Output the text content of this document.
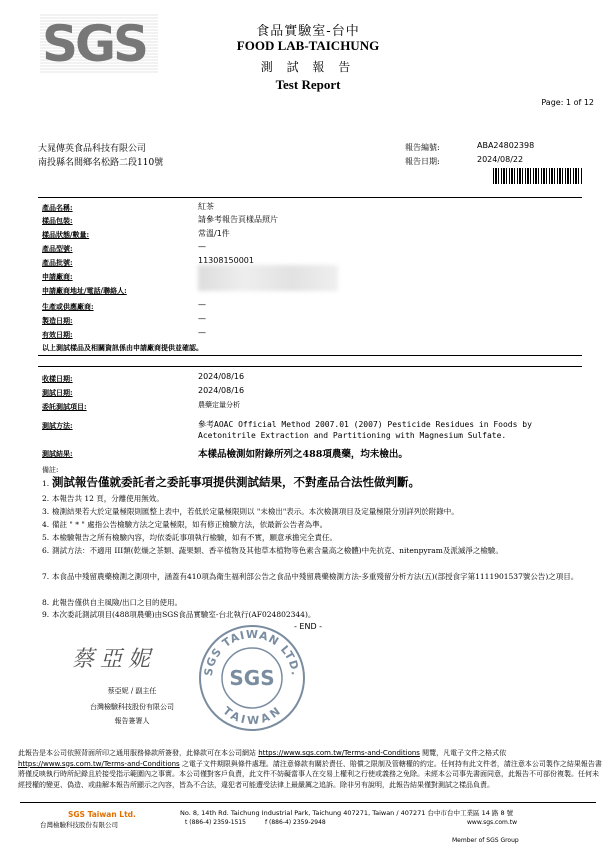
SGS	食品實驗室-台中
FOOD LAB-TAICHUNG
測 試 報 告
Test Report
Page: 1 of 12
大晁傳英食品科技有限公司
南投縣名間鄉名松路二段110號
報告編號:	ABA24802398
報告日期:	2024/08/22
產品名稱:	紅茶
樣品包裝:	請參考報告頁樣品照片
樣品狀態/數量:	常溫/1件
產品型號:	—
產品批號:	11308150001
申請廠商:
申請廠商地址/電話/聯絡人:
生產或供應廠商:	—
製造日期:	—
有效日期:	—
以上測試樣品及相關資訊係由申請廠商提供並確認。
收樣日期:	2024/08/16
測試日期:	2024/08/16
委託測試項目:	農藥定量分析
測試方法:	參考AOAC Official Method 2007.01 (2007) Pesticide Residues in Foods by Acetonitrile Extraction and Partitioning with Magnesium Sulfate.
測試結果:	本樣品檢測如附錄所列之488項農藥，均未檢出。
備註:
1. 測試報告僅就委託者之委託事項提供測試結果，不對產品合法性做判斷。
2. 本報告共 12 頁，分離使用無效。
3. 檢測結果若大於定量極限則匯整上表中，若低於定量極限則以 "未檢出"表示。本次檢測項目及定量極限分別詳列於附錄中。
4. 備註 " * " 處指公告檢驗方法之定量極限，如有修正檢驗方法，依最新公告者為準。
5. 本檢驗報告之所有檢驗內容，均依委託事項執行檢驗，如有不實，願意承擔完全責任。
6. 測試方法：不適用 III類(乾燥之茶類、蔬果類、香辛植物及其他草本植物等色素含量高之檢體)中先抗克、nitenpyram及派滅淨之檢驗。
7. 本食品中殘留農藥檢測之測項中，涵蓋有410項為衛生福利部公告之食品中殘留農藥檢測方法-多重殘留分析方法(五)(部授食字第1111901537號公告)之項目。
8. 此報告僅供自主風險/出口之目的使用。
9. 本次委託測試項目(488項農藥)由SGS食品實驗室-台北執行(AF024802344)。
- END -
蔡亞妮
蔡亞妮 / 副主任
台灣檢驗科技股份有限公司
報告簽署人
SGS TAIWAN LTD.
SGS
TAIWAN
此報告是本公司依照背面所印之通用服務條款所簽發，此條款可在本公司網站 https://www.sgs.com.tw/Terms-and-Conditions 閱覽，凡電子文件之格式依https://www.sgs.com.tw/Terms-and-Conditions 之電子文件期限與條件處理。請注意條款有關於責任、賠償之限制及管轄權的約定。任何持有此文件者，請注意本公司製作之結果報告書將僅反映執行時所紀錄且於接受指示範圍內之事實。本公司僅對客戶負責，此文件不妨礙當事人在交易上權利之行使或義務之免除。未經本公司事先書面同意，此報告不可部份複製。任何未經授權的變更、偽造、或曲解本報告所顯示之內容，皆為不合法，違犯者可能遭受法律上最嚴厲之追訴。除非另有說明，此報告結果僅對測試之樣品負責。
SGS Taiwan Ltd.
台灣檢驗科技股份有限公司
No. 8, 14th Rd. Taichung Industrial Park, Taichung 407271, Taiwan / 407271 台中市台中工業區 14 路 8 號
t (886-4) 2359-1515	f (886-4) 2359-2948	www.sgs.com.tw
Member of SGS Group
